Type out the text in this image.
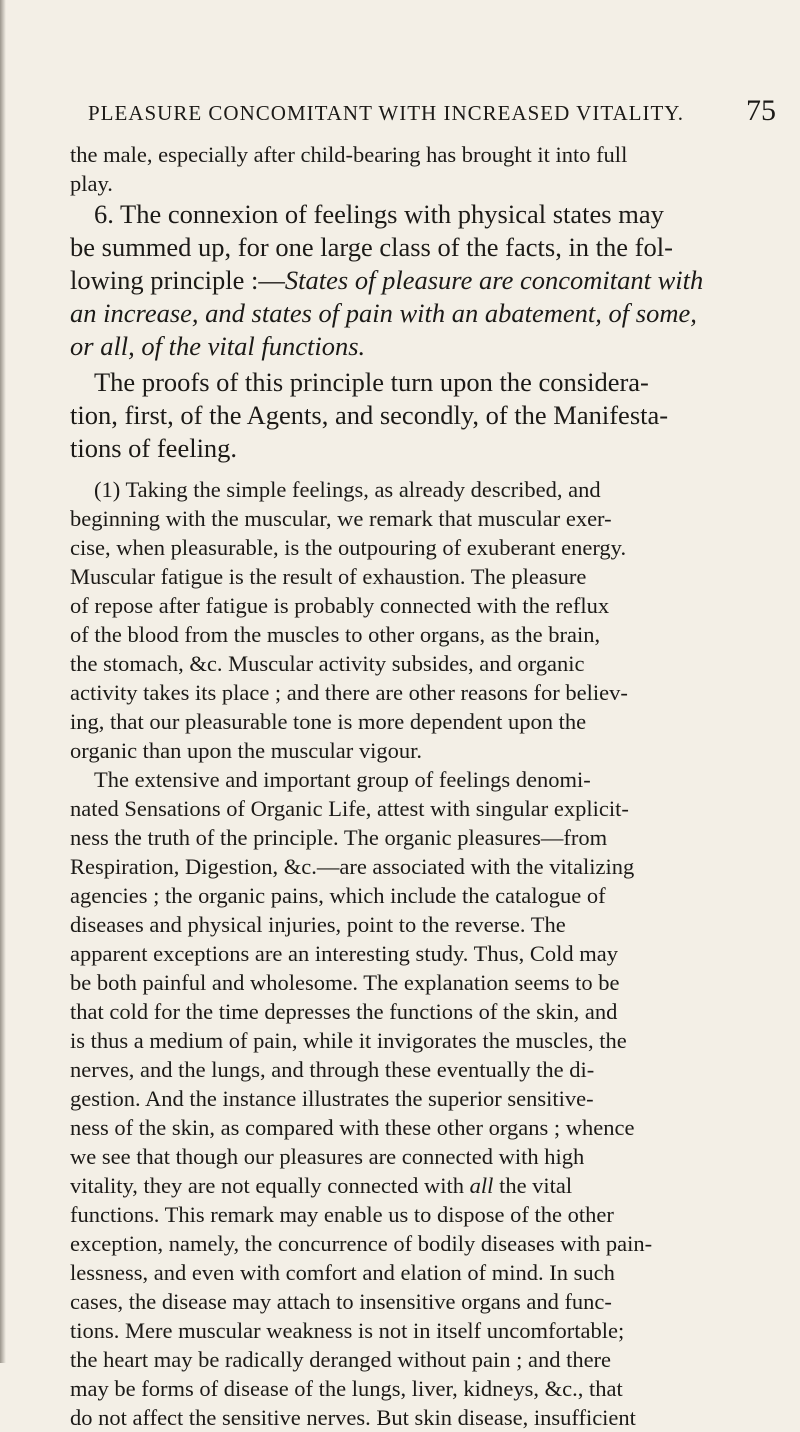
PLEASURE CONCOMITANT WITH INCREASED VITALITY. 75

the male, especially after child-bearing has brought it into full
play.

6. The connexion of feelings with physical states may
be summed up, for one large class of the facts, in the fol-
lowing principle :—States of pleasure are concomitant with
an increase, and states of pain with an abatement, of some,
or all, of the vital functions.

The proofs of this principle turn upon the considera-
tion, first, of the Agents, and secondly, of the Manifesta-
tions of feeling.

(1) Taking the simple feelings, as already described, and
beginning with the muscular, we remark that muscular exer-
cise, when pleasurable, is the outpouring of exuberant energy.
Muscular fatigue is the result of exhaustion. The pleasure
of repose after fatigue is probably connected with the reflux
of the blood from the muscles to other organs, as the brain,
the stomach, &c. Muscular activity subsides, and organic
activity takes its place ; and there are other reasons for believ-
ing, that our pleasurable tone is more dependent upon the
organic than upon the muscular vigour.

The extensive and important group of feelings denomi-
nated Sensations of Organic Life, attest with singular explicit-
ness the truth of the principle. The organic pleasures—from
Respiration, Digestion, &c.—are associated with the vitalizing
agencies ; the organic pains, which include the catalogue of
diseases and physical injuries, point to the reverse. The
apparent exceptions are an interesting study. Thus, Cold may
be both painful and wholesome. The explanation seems to be
that cold for the time depresses the functions of the skin, and
is thus a medium of pain, while it invigorates the muscles, the
nerves, and the lungs, and through these eventually the di-
gestion. And the instance illustrates the superior sensitive-
ness of the skin, as compared with these other organs ; whence
we see that though our pleasures are connected with high
vitality, they are not equally connected with all the vital
functions. This remark may enable us to dispose of the other
exception, namely, the concurrence of bodily diseases with pain-
lessness, and even with comfort and elation of mind. In such
cases, the disease may attach to insensitive organs and func-
tions. Mere muscular weakness is not in itself uncomfortable;
the heart may be radically deranged without pain ; and there
may be forms of disease of the lungs, liver, kidneys, &c., that
do not affect the sensitive nerves. But skin disease, insufficient
